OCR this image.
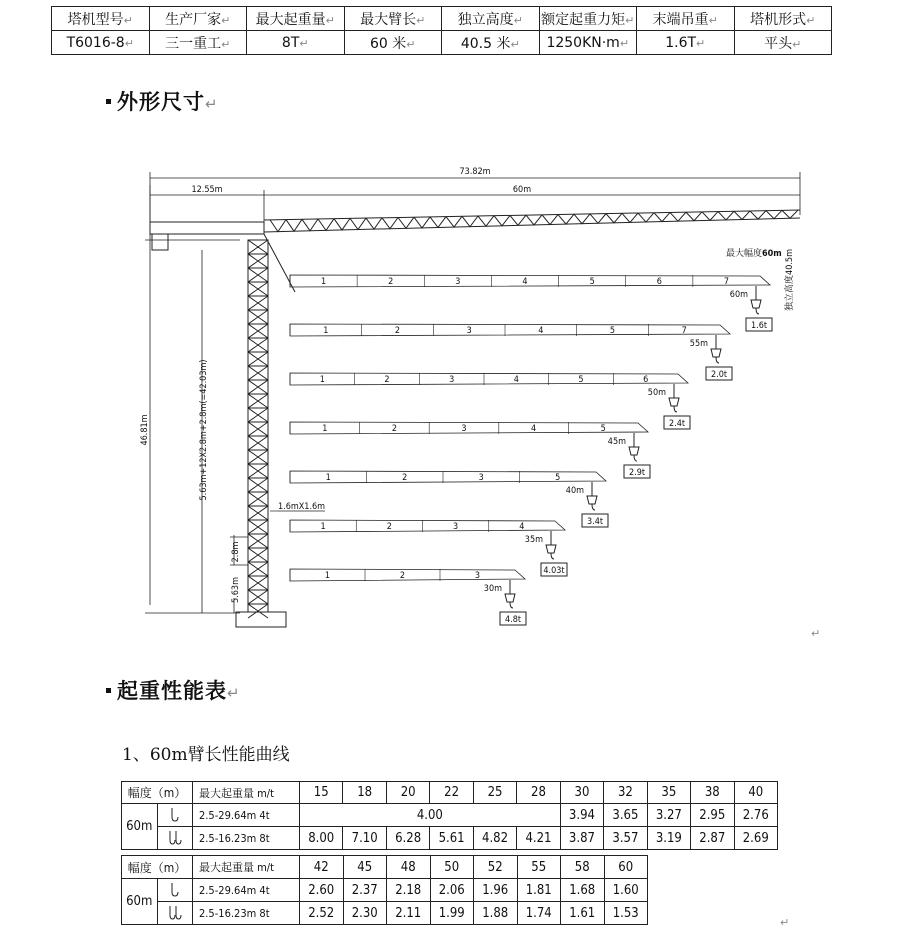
塔机型号↵	生产厂家↵	最大起重量↵	最大臂长↵	独立高度↵	额定起重力矩↵	末端吊重↵	塔机形式↵
T6016-8↵	三一重工↵	8T↵	60 米↵	40.5 米↵	1250KN·m↵	1.6T↵	平头↵
外形尺寸↵
73.82m
12.55m	60m
46.81m	5.63m+12X2.8m+2.8m(=42.03m)
2.8m
5.63m
1.6mX1.6m
最大幅度60m
独立高度40.5m
1	2	3	4	5	6	7
1	2	3	4	5	7
60m
1.6t
1	2	3	4	5	6
55m
2.0t
1	2	3	4	5
50m
2.4t
1	2	3	5
45m
2.9t
1	2	3	4
40m
3.4t
1	2	3
35m
4.03t
30m
4.8t
↵
起重性能表↵
1、60m臂长性能曲线
幅度（m）		最大起重量 m/t	15	18	20	22	25	28	30	32	35	38	40
60m		2.5-29.64m 4t	4.00						3.94	3.65	3.27	2.95	2.76
	2.5-16.23m 8t	8.00	7.10	6.28	5.61	4.82	4.21	3.87	3.57	3.19	2.87	2.69
幅度（m）		最大起重量 m/t	42	45	48	50	52	55	58	60
60m		2.5-29.64m 4t	2.60	2.37	2.18	2.06	1.96	1.81	1.68	1.60
	2.5-16.23m 8t	2.52	2.30	2.11	1.99	1.88	1.74	1.61	1.53
↵
